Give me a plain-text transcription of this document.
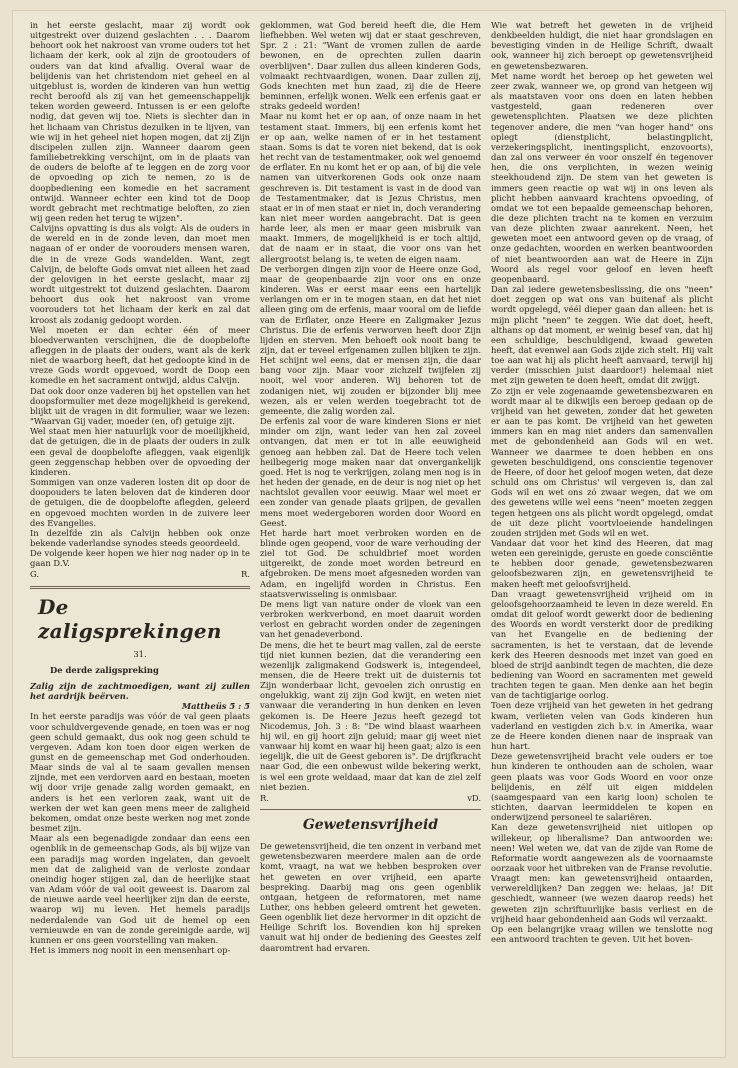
in het eerste geslacht, maar zij wordt ook uitgestrekt over duizend geslachten . . . Daarom behoort ook het nakroost van vrome ouders tot het lichaam der kerk, ook al zijn de grootouders of ouders van dat kind afvallig. Overal waar de belijdenis van het christendom niet geheel en al uitgeblust is, worden de kinderen van hun wettig recht beroofd als zij van het gemeenschappelijk teken worden geweerd. Intussen is er een gelofte nodig, dat geven wij toe. Niets is slechter dan in het lichaam van Christus dezulken in te lijven, van wie wij in het geheel niet hopen mogen, dat zij Zijn discipelen zullen zijn. Wanneer daarom geen familiebetrekking verschijnt, om in de plaats van de ouders de belofte af te leggen en de zorg voor de opvoeding op zich te nemen, zo is de doopbediening een komedie en het sacrament ontwijd. Wanneer echter een kind tot de Doop wordt gebracht met rechtmatige beloften, zo zien wij geen reden het terug te wijzen".

Calvijns opvatting is dus als volgt: Als de ouders in de wereld en in de zonde leven, dan moet men nagaan of er onder de voorouders mensen waren, die in de vreze Gods wandelden. Want, zegt Calvijn, de belofte Gods omvat niet alleen het zaad der gelovigen in het eerste geslacht, maar zij wordt uitgestrekt tot duizend geslachten. Daarom behoort dus ook het nakroost van vrome voorouders tot het lichaam der kerk en zal dat kroost als zodanig gedoopt worden.

Wel moeten er dan echter één of meer bloedverwanten verschijnen, die de doopbelofte afleggen in de plaats der ouders, want als de kerk niet de waarborg heeft, dat het gedoopte kind in de vreze Gods wordt opgevoed, wordt de Doop een komedie en het sacrament ontwijd, aldus Calvijn.

Dat ook door onze vaderen bij het opstellen van het doopsformulier met deze mogelijkheid is gerekend, blijkt uit de vragen in dit formulier, waar we lezen: "Waarvan Gij vader, moeder (en, of) getuige zijt.

Wel staat men hier natuurlijk voor de moeilijkheid, dat de getuigen, die in de plaats der ouders in zulk een geval de doopbelofte afleggen, vaak eigenlijk geen zeggenschap hebben over de opvoeding der kinderen.

Sommigen van onze vaderen losten dit op door de doopouders te laten beloven dat de kinderen door de getuigen, die de doopbelofte aflegden, geleerd en opgevoed mochten worden in de zuivere leer des Evangelies.

In dezelfde zin als Calvijn hebben ook onze bekende vaderlandse synodes steeds geoordeeld.

De volgende keer hopen we hier nog nader op in te gaan D.V.

G.	R.
De zaligsprekingen

31.

De derde zaligspreking

Zalig zijn de zachtmoedigen, want zij zullen het aardrijk beërven.

Mattheüs 5 : 5

In het eerste paradijs was vóór de val geen plaats voor schuldvergevende genade, en toen was er nog geen schuld gemaakt, dus ook nog geen schuld te vergeven. Adam kon toen door eigen werken de gunst en de gemeenschap met God onderhouden. Maar sinds de val al te saam gevallen mensen zijnde, met een verdorven aard en bestaan, moeten wij door vrije genade zalig worden gemaakt, en anders is het een verloren zaak, want uit de werken der wet kan geen mens meer de zaligheid bekomen, omdat onze beste werken nog met zonde besmet zijn.

Maar als een begenadigde zondaar dan eens een ogenblik in de gemeenschap Gods, als bij wijze van een paradijs mag worden ingelaten, dan gevoelt men dat de zaligheid van de verloste zondaar oneindig hoger stijgen zal, dan de heerlijke staat van Adam vóór de val ooit geweest is. Daarom zal de nieuwe aarde veel heerlijker zijn dan de eerste, waarop wij nu leven. Het hemels paradijs nederdalende van God uit de hemel op een vernieuwde en van de zonde gereinigde aarde, wij kunnen er ons geen voorstelling van maken.

Het is immers nog nooit in een mensenhart op-

geklommen, wat God bereid heeft die, die Hem liefhebben. Wel weten wij dat er staat geschreven, Spr. 2 : 21: "Want de vromen zullen de aarde bewonen, en de oprechten zullen daarin overblijven". Daar zullen dus alleen kinderen Gods, volmaakt rechtvaardigen, wonen. Daar zullen zij, Gods knechten met hun zaad, zij die de Heere beminnen, erfelijk wonen. Welk een erfenis gaat er straks gedeeld worden!

Maar nu komt het er op aan, of onze naam in het testament staat. Immers, bij een erfenis komt het er op aan, welke namen of er in het testament staan. Soms is dat te voren niet bekend, dat is ook het recht van de testamentmaker, ook wel genoemd de erflater. En nu komt het er op aan, of bij die vele namen van uitverkorenen Gods ook onze naam geschreven is. Dit testament is vast in de dood van de Testamentmaker, dat is Jezus Christus, men staat er in of men staat er niet in, doch verandering kan niet meer worden aangebracht. Dat is geen harde leer, als men er maar geen misbruik van maakt. Immers, de mogelijkheid is er toch altijd, dat de naam er in staat, die voor ons van het allergrootst belang is, te weten de eigen naam.

De verborgen dingen zijn voor de Heere onze God, maar de geopenbaarde zijn voor ons en onze kinderen. Was er eerst maar eens een hartelijk verlangen om er in te mogen staan, en dat het niet alleen ging om de erfenis, maar vooral om de liefde van de Erflater, onze Heere en Zaligmaker Jezus Christus. Die de erfenis verworven heeft door Zijn lijden en sterven. Men behoeft ook nooit bang te zijn, dat er teveel erfgenamen zullen blijken te zijn. Het schijnt wel eens, dat er mensen zijn, die daar bang voor zijn. Maar voor zichzelf twijfelen zij nooit, wel voor anderen. Wij behoren tot de zodanigen niet, wij zouden er bijzonder blij mee wezen, als er velen werden toegebracht tot de gemeente, die zalig worden zal.

De erfenis zal voor de ware kinderen Sions er niet minder om zijn, want ieder van hen zal zoveel ontvangen, dat men er tot in alle eeuwigheid genoeg aan hebben zal. Dat de Heere toch velen heilbegerig moge maken naar dat onvergankelijk goed. Het is nog te verkrijgen, zolang men nog is in het heden der genade, en de deur is nog niet op het nachtslot gevallen voor eeuwig. Maar wel moet er een zonder van genade plaats grijpen, de gevallen mens moet wedergeboren worden door Woord en Geest.

Het harde hart moet verbroken worden en de blinde ogen geopend, voor de ware verhouding der ziel tot God. De schuldbrief moet worden uitgereikt, de zonde moet worden betreurd en afgebroken. De mens moet afgesneden worden van Adam, en ingelijfd worden in Christus. Een staatsverwisseling is onmisbaar.

De mens ligt van nature onder de vloek van een verbroken werkverbond, en moet daaruit worden verlost en gebracht worden onder de zegeningen van het genadeverbond.

De mens, die het te beurt mag vallen, zal de eerste tijd niet kunnen bezien, dat die verandering een wezenlijk zaligmakend Godswerk is, integendeel, mensen, die de Heere trekt uit de duisternis tot Zijn wonderbaar licht, gevoelen zich onrustig en ongelukkig, want zij zijn God kwijt, en weten niet vanwaar die verandering in hun denken en leven gekomen is. De Heere Jezus heeft gezegd tot Nicodemus, Joh. 3 : 8: "De wind blaast waarheen hij wil, en gij hoort zijn geluid; maar gij weet niet vanwaar hij komt en waar hij heen gaat; alzo is een iegelijk, die uit de Geest geboren is". De drijfkracht naar God, die een onbewust wilde bekering werkt, is wel een grote weldaad, maar dat kan de ziel zelf niet bezien.

R.	vD.
Gewetensvrijheid

De gewetensvrijheid, die ten onzent in verband met gewetensbezwaren meerdere malen aan de orde komt, vraagt, na wat we hebben besproken over het geweten en over vrijheid, een aparte bespreking. Daarbij mag ons geen ogenblik ontgaan, hetgeen de reformatoren, met name Luther, ons hebben geleerd omtrent het geweten. Geen ogenblik liet deze hervormer in dit opzicht de Heilige Schrift los. Bovendien kon hij spreken vanuit wat hij onder de bediening des Geestes zelf daaromtrent had ervaren.

Wie wat betreft het geweten in de vrijheid denkbeelden huldigt, die niet haar grondslagen en bevestiging vinden in de Heilige Schrift, dwaalt ook, wanneer hij zich beroept op gewetensvrijheid en gewetensbezwaren.

Met name wordt het beroep op het geweten wel zeer zwak, wanneer we, op grond van hetgeen wij als maatstaven voor ons doen en laten hebben vastgesteld, gaan redeneren over gewetensplichten. Plaatsen we deze plichten tegenover andere, die men "van hoger hand" ons oplegt (dienstplicht, belastingplicht, verzekeringsplicht, inentingsplicht, enzovoorts), dan zal ons verweer én voor onszelf én tegenover hen, die ons verplichten, in wezen weinig steekhoudend zijn. De stem van het geweten is immers geen reactie op wat wij in ons leven als plicht hebben aanvaard krachtens opvoeding, of omdat we tot een bepaalde gemeenschap behoren, die deze plichten tracht na te komen en verzuim van deze plichten zwaar aanrekent. Neen, het geweten moet een antwoord geven op de vraag, of onze gedachten, woorden en werken beantwoorden of niet beantwoorden aan wat de Heere in Zijn Woord als regel voor geloof en leven heeft geopenbaard.

Dan zal iedere gewetensbeslissing, die ons "neen" doet zeggen op wat ons van buitenaf als plicht wordt opgelegd, véél dieper gaan dan alleen: het is mijn plicht "neen" te zeggen. Wie dat doet, heeft, althans op dat moment, er weinig besef van, dat hij een schuldige, beschuldigend, kwaad geweten heeft, dat evenwel aan Gods zijde zich stelt. Hij valt toe aan wat hij als plicht heeft aanvaard, terwijl hij verder (misschien juist daardoor!) helemaal niet met zijn geweten te doen heeft, omdat dit zwijgt.

Zo zijn er vele zogenaamde gewetensbezwaren en wordt maar al te dikwijls een beroep gedaan op de vrijheid van het geweten, zonder dat het geweten er aan te pas komt. De vrijheid van het geweten immers kan en mag niet anders dan samenvallen met de gebondenheid aan Gods wil en wet. Wanneer we daarmee te doen hebben en ons geweten beschuldigend, ons conscientie tegenover de Heere, of door het geloof mogen weten, dat deze schuld ons om Christus' wil vergeven is, dan zal Gods wil en wet ons zó zwaar wegen, dat we om des gewetens wille wel eens "neen" moeten zeggen tegen hetgeen ons als plicht wordt opgelegd, omdat de uit deze plicht voortvloeiende handelingen zouden strijden met Gods wil en wet.

Vandaar dat voor het kind des Heeren, dat mag weten een gereinigde, geruste en goede consciëntie te hebben door genade, gewetensbezwaren geloofsbezwaren zijn, en gewetensvrijheid te maken heeft met geloofsvrijheid.

Dan vraagt gewetensvrijheid vrijheid om in geloofsgehoorzaamheid te leven in deze wereld. En omdat dit geloof wordt gewerkt door de bediening des Woords en wordt versterkt door de prediking van het Evangelie en de bediening der sacramenten, is het te verstaan, dat de levende kerk des Heeren desnoods met inzet van goed en bloed de strijd aanbindt tegen de machten, die deze bediening van Woord en sacramenten met geweld trachten tegen te gaan. Men denke aan het begin van de tachtigjarige oorlog.

Toen deze vrijheid van het geweten in het gedrang kwam, verlieten velen van Gods kinderen hun vaderland en vestigden zich b.v. in Amerika, waar ze de Heere konden dienen naar de inspraak van hun hart.

Deze gewetensvrijheid bracht vele ouders er toe hun kinderen te onthouden aan de scholen, waar geen plaats was voor Gods Woord en voor onze belijdenis, en zélf uit eigen middelen (saamgespaard van een karig loon) scholen te stichten, daarvan leermiddelen te kopen en onderwijzend personeel te salariëren.

Kan deze gewetensvrijheid niet uitlopen op willekeur, op liberalisme? Dan antwoorden we: neen! Wel weten we, dat van de zijde van Rome de Reformatie wordt aangewezen als de voornaamste oorzaak voor het uitbreken van de Franse revolutie.

Vraagt men: kan gewetensvrijheid ontaarden, verwereldlijken? Dan zeggen we: helaas, ja! Dit geschiedt, wanneer (we wezen daarop reeds) het geweten zijn schriftuurlijke basis verliest en de vrijheid haar gebondenheid aan Gods wil verzaakt.

Op een belangrijke vraag willen we tenslotte nog een antwoord trachten te geven. Uit het boven-
